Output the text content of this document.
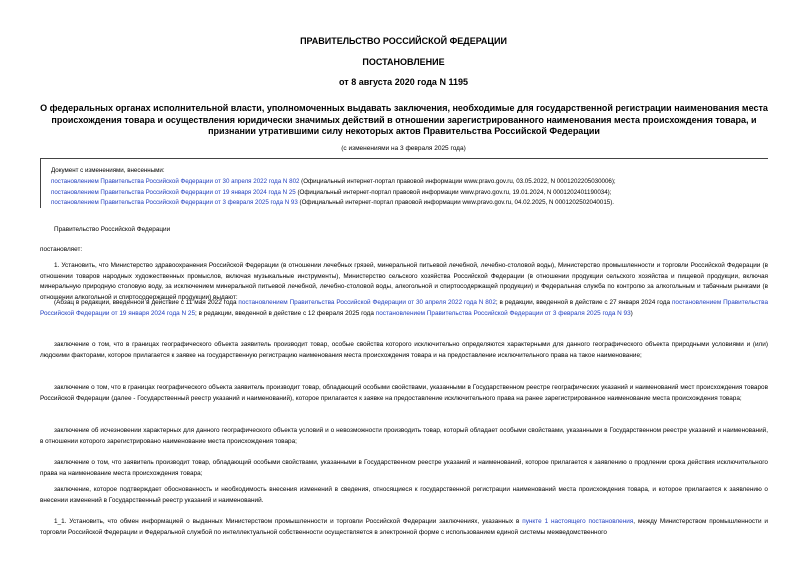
ПРАВИТЕЛЬСТВО РОССИЙСКОЙ ФЕДЕРАЦИИ
ПОСТАНОВЛЕНИЕ
от 8 августа 2020 года N 1195
О федеральных органах исполнительной власти, уполномоченных выдавать заключения, необходимые для государственной регистрации наименования места происхождения товара и осуществления юридически значимых действий в отношении зарегистрированного наименования места происхождения товара, и признании утратившими силу некоторых актов Правительства Российской Федерации
(с изменениями на 3 февраля 2025 года)
Документ с изменениями, внесенными:
постановлением Правительства Российской Федерации от 30 апреля 2022 года N 802 (Официальный интернет-портал правовой информации www.pravo.gov.ru, 03.05.2022, N 0001202205030006);
постановлением Правительства Российской Федерации от 19 января 2024 года N 25 (Официальный интернет-портал правовой информации www.pravo.gov.ru, 19.01.2024, N 0001202401190034);
постановлением Правительства Российской Федерации от 3 февраля 2025 года N 93 (Официальный интернет-портал правовой информации www.pravo.gov.ru, 04.02.2025, N 0001202502040015).
Правительство Российской Федерации
постановляет:
1. Установить, что Министерство здравоохранения Российской Федерации (в отношении лечебных грязей, минеральной питьевой лечебной, лечебно-столовой воды), Министерство промышленности и торговли Российской Федерации (в отношении товаров народных художественных промыслов, включая музыкальные инструменты), Министерство сельского хозяйства Российской Федерации (в отношении продукции сельского хозяйства и пищевой продукции, включая минеральную природную столовую воду, за исключением минеральной питьевой лечебной, лечебно-столовой воды, алкогольной и спиртосодержащей продукции) и Федеральная служба по контролю за алкогольным и табачным рынками (в отношении алкогольной и спиртосодержащей продукции) выдают:
(Абзац в редакции, введенной в действие с 11 мая 2022 года постановлением Правительства Российской Федерации от 30 апреля 2022 года N 802; в редакции, введенной в действие с 27 января 2024 года постановлением Правительства Российской Федерации от 19 января 2024 года N 25; в редакции, введенной в действие с 12 февраля 2025 года постановлением Правительства Российской Федерации от 3 февраля 2025 года N 93)
заключение о том, что в границах географического объекта заявитель производит товар, особые свойства которого исключительно определяются характерными для данного географического объекта природными условиями и (или) людскими факторами, которое прилагается к заявке на государственную регистрацию наименования места происхождения товара и на предоставление исключительного права на такое наименование;
заключение о том, что в границах географического объекта заявитель производит товар, обладающий особыми свойствами, указанными в Государственном реестре географических указаний и наименований мест происхождения товаров Российской Федерации (далее - Государственный реестр указаний и наименований), которое прилагается к заявке на предоставление исключительного права на ранее зарегистрированное наименование места происхождения товара;
заключение об исчезновении характерных для данного географического объекта условий и о невозможности производить товар, который обладает особыми свойствами, указанными в Государственном реестре указаний и наименований, в отношении которого зарегистрировано наименование места происхождения товара;
заключение о том, что заявитель производит товар, обладающий особыми свойствами, указанными в Государственном реестре указаний и наименований, которое прилагается к заявлению о продлении срока действия исключительного права на наименование места происхождения товара;
заключение, которое подтверждает обоснованность и необходимость внесения изменений в сведения, относящиеся к государственной регистрации наименований места происхождения товара, и которое прилагается к заявлению о внесении изменений в Государственный реестр указаний и наименований.
1_1. Установить, что обмен информацией о выданных Министерством промышленности и торговли Российской Федерации заключениях, указанных в пункте 1 настоящего постановления, между Министерством промышленности и торговли Российской Федерации и Федеральной службой по интеллектуальной собственности осуществляется в электронной форме с использованием единой системы межведомственного
